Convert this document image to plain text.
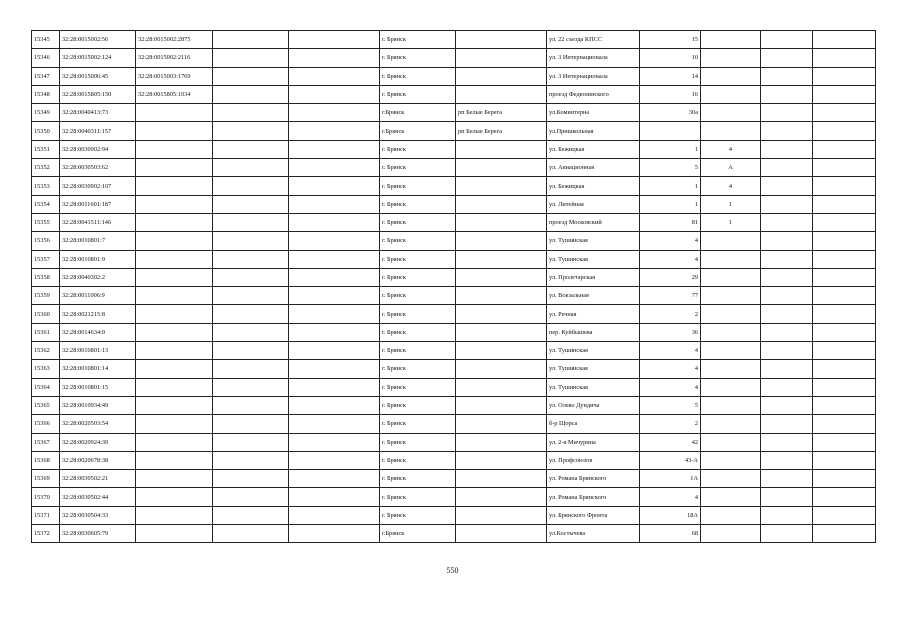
15345	32:28:0015002:56	32:28:0015002:2875			г. Брянск		ул. 22 съезда КПСС	15			
15346	32:28:0015002:124	32:28:0015002:2116			г. Брянск		ул. 3 Интернационала	10			
15347	32:28:0015006:45	32:28:0015003:1769			г. Брянск		ул. 3 Интернационала	14			
15348	32:28:0015805:150	32:28:0015805:1034			г. Брянск		проезд Федюнинского	16			
15349	32:28:0040413:73				г.Брянск	рп Белые Берега	ул.Коминтерна	30а			
15350	32:28:0040311:157				г.Брянск	рп Белые Берега	ул.Пришкольная				
15351	32:28:0030902:94				г. Брянск		ул. Бежицкая	1	4		
15352	32:28:0030503:62				г. Брянск		ул. Авиационная	5	А		
15353	32:28:0030902:107				г. Брянск		ул. Бежицкая	1	4		
15354	32:28:0011601:187				г. Брянск		ул. Литейная	1	1		
15355	32:28:0041511:146				г. Брянск		проезд Московский	81	1		
15356	32:28:0010801:7				г. Брянск		ул. Тушинская	4			
15357	32:28:0010801:9				г. Брянск		ул. Тушинская	4			
15358	32:28:0040302:2				г. Брянск		ул. Пролетарская	29			
15359	32:28:0011006:9				г. Брянск		ул. Вокзальная	77			
15360	32:28:0021215:8				г. Брянск		ул. Речная	2			
15361	32:28:0014634:9				г. Брянск		пер. Куйбышева	36			
15362	32:28:0010801:13				г. Брянск		ул. Тушинская	4			
15363	32:28:0010801:14				г. Брянск		ул. Тушинская	4			
15364	32:28:0010801:15				г. Брянск		ул. Тушинская	4			
15365	32:28:0010934:49				г. Брянск		ул. Олеко Дундича	5			
15366	32:28:0020503:54				г. Брянск		б-р Щорса	2			
15367	32:28:0020924:39				г. Брянск		ул. 2-я Мичурина	42			
15368	32:28:0020678:38				г. Брянск		ул. Профсоюзов	43-А			
15369	32:28:0030502:21				г. Брянск		ул. Романа Брянского	1А			
15370	32:28:0030502:44				г. Брянск		ул. Романа Брянского	4			
15371	32:28:0030504:33				г. Брянск		ул. Брянского Фронта	18А			
15372	32:28:0030605:79				г.Брянск		ул.Костычева	68			
550
